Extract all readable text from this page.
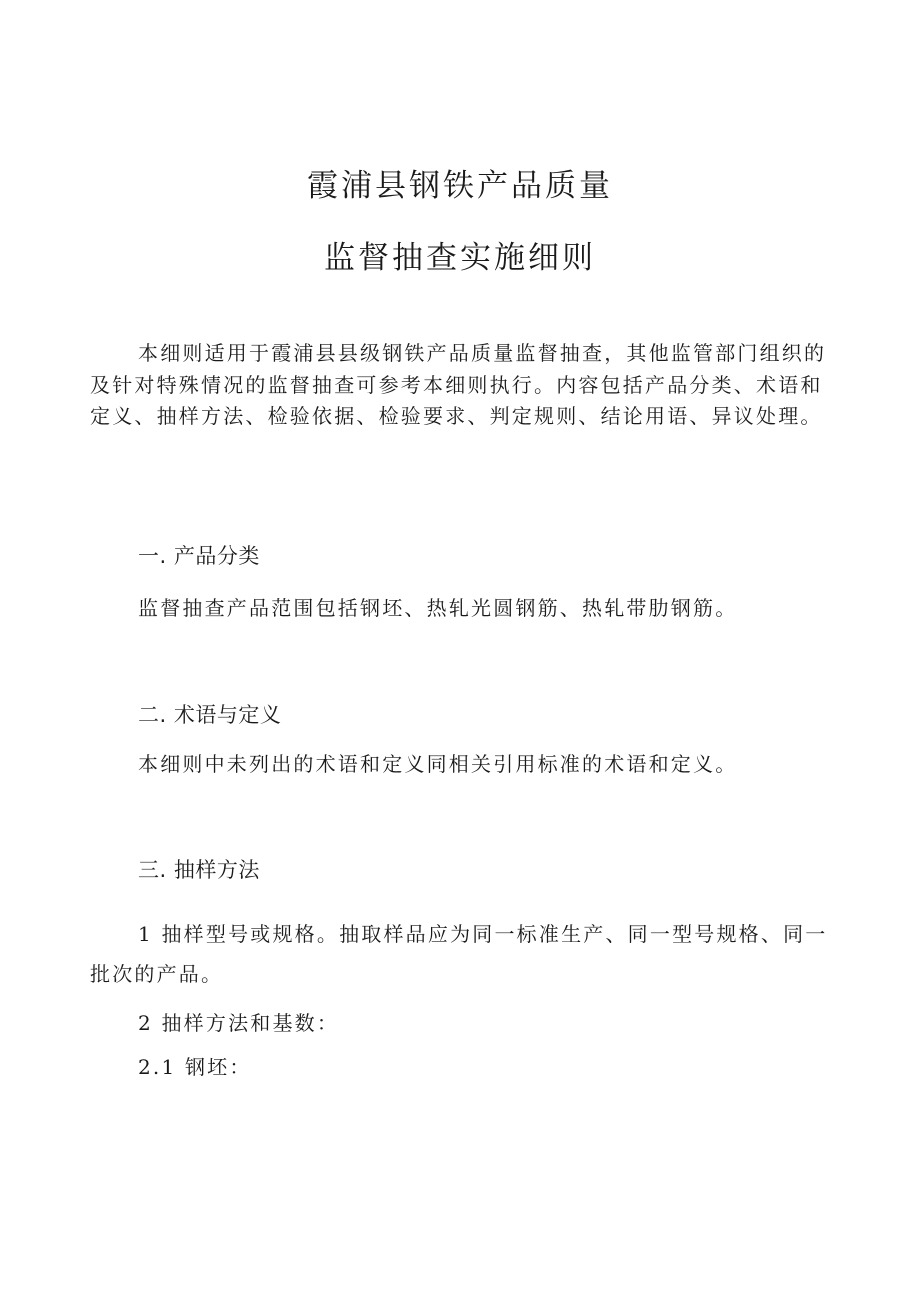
霞浦县钢铁产品质量
监督抽查实施细则
本细则适用于霞浦县县级钢铁产品质量监督抽查，其他监管部门组织的及针对特殊情况的监督抽查可参考本细则执行。内容包括产品分类、术语和定义、抽样方法、检验依据、检验要求、判定规则、结论用语、异议处理。
一. 产品分类
监督抽查产品范围包括钢坯、热轧光圆钢筋、热轧带肋钢筋。
二. 术语与定义
本细则中未列出的术语和定义同相关引用标准的术语和定义。
三. 抽样方法
1 抽样型号或规格。抽取样品应为同一标准生产、同一型号规格、同一批次的产品。
2 抽样方法和基数：
2.1 钢坯：
